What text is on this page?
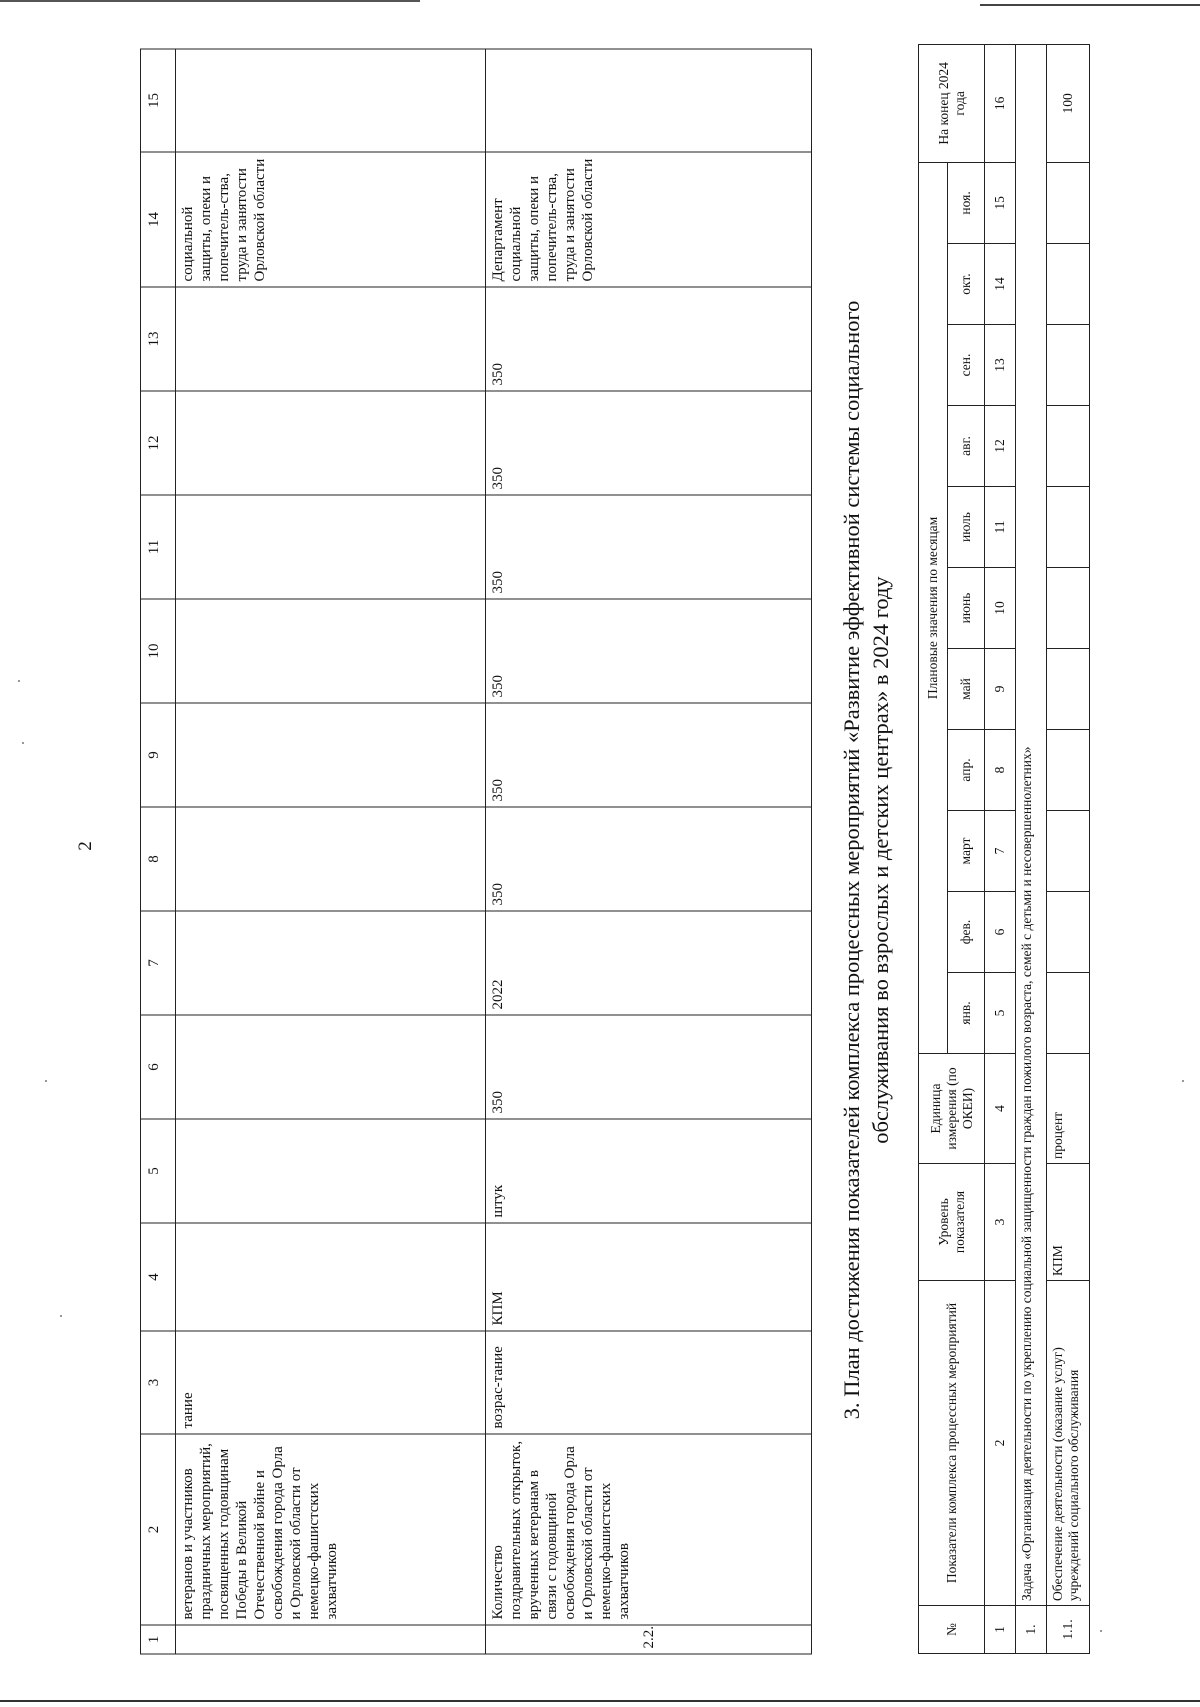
2
1	2	3	4	5	6	7	8	9	10	11	12	13	14	15
	ветеранов и участников праздничных мероприятий, посвященных годовщинам Победы в Великой Отечественной войне и освобождения города Орла и Орловской области от немецко-фашистских захватчиков	тание											социальной защиты, опеки и попечитель-ства, труда и занятости Орловской области	
2.2.	Количество поздравительных открыток, врученных ветеранам в связи с годовщиной освобождения города Орла и Орловской области от немецко-фашистских захватчиков	возрас-тание	КПМ	штук	350	2022	350	350	350	350	350	350	Департамент социальной защиты, опеки и попечитель-ства, труда и занятости Орловской области	

3. План достижения показателей комплекса процессных мероприятий «Развитие эффективной системы социального обслуживания во взрослых и детских центрах» в 2024 году

№	Показатели комплекса процессных мероприятий	Уровень показателя	Единица измерения (по ОКЕИ)	Плановые значения по месяцам											На конец 2024 года
				янв.	фев.	март	апр.	май	июнь	июль	авг.	сен.	окт.	ноя.	
1	2	3	4	5	6	7	8	9	10	11	12	13	14	15	16
1.	Задача «Организация деятельности по укреплению социальной защищенности граждан пожилого возраста, семей с детьми и несовершеннолетних»														
1.1.	Обеспечение деятельности (оказание услуг) учреждений социального обслуживания	КПМ	процент												100
